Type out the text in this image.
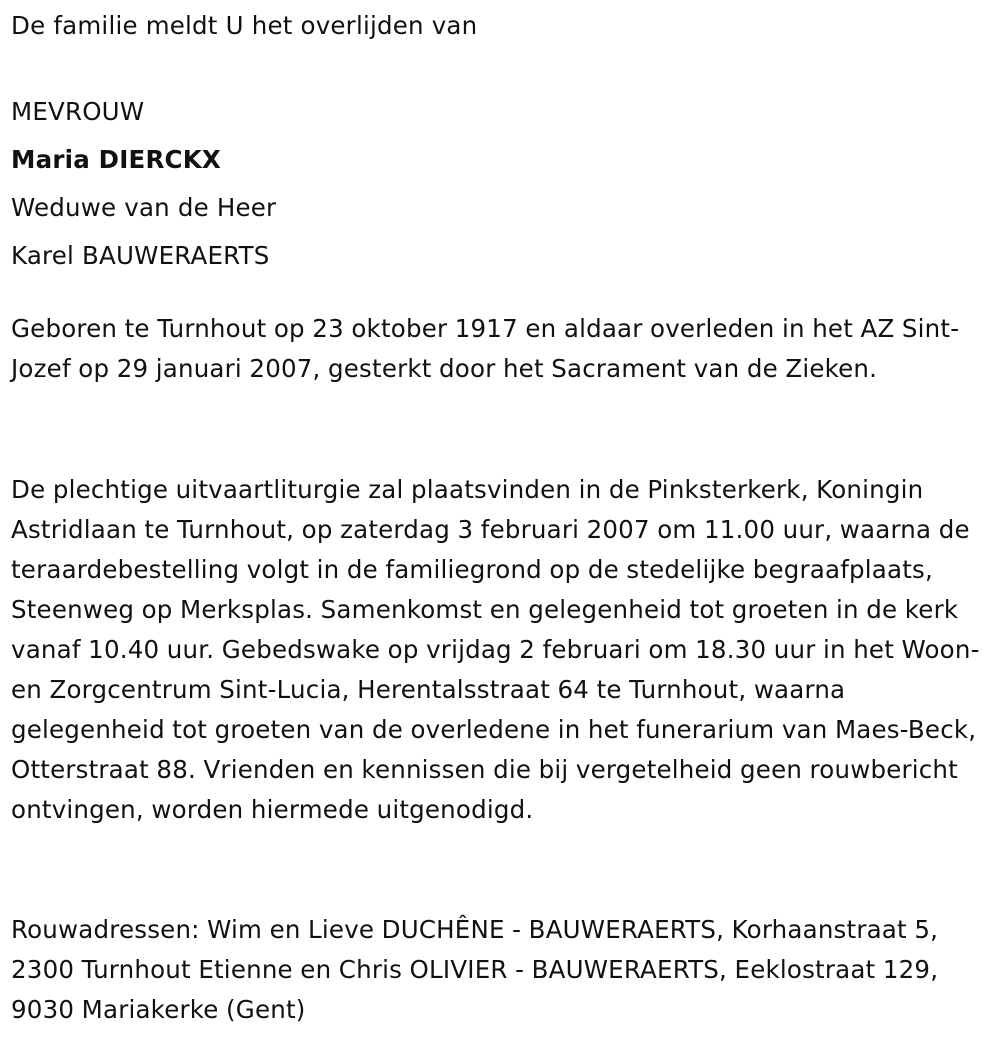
De familie meldt U het overlijden van

MEVROUW

Maria DIERCKX

Weduwe van de Heer

Karel BAUWERAERTS

Geboren te Turnhout op 23 oktober 1917 en aldaar overleden in het AZ Sint-Jozef op 29 januari 2007, gesterkt door het Sacrament van de Zieken.

De plechtige uitvaartliturgie zal plaatsvinden in de Pinksterkerk, Koningin Astridlaan te Turnhout, op zaterdag 3 februari 2007 om 11.00 uur, waarna de teraardebestelling volgt in de familiegrond op de stedelijke begraafplaats, Steenweg op Merksplas. Samenkomst en gelegenheid tot groeten in de kerk vanaf 10.40 uur. Gebedswake op vrijdag 2 februari om 18.30 uur in het Woon- en Zorgcentrum Sint-Lucia, Herentalsstraat 64 te Turnhout, waarna gelegenheid tot groeten van de overledene in het funerarium van Maes-Beck, Otterstraat 88. Vrienden en kennissen die bij vergetelheid geen rouwbericht ontvingen, worden hiermede uitgenodigd.

Rouwadressen: Wim en Lieve DUCHÊNE - BAUWERAERTS, Korhaanstraat 5, 2300 Turnhout Etienne en Chris OLIVIER - BAUWERAERTS, Eeklostraat 129, 9030 Mariakerke (Gent)
